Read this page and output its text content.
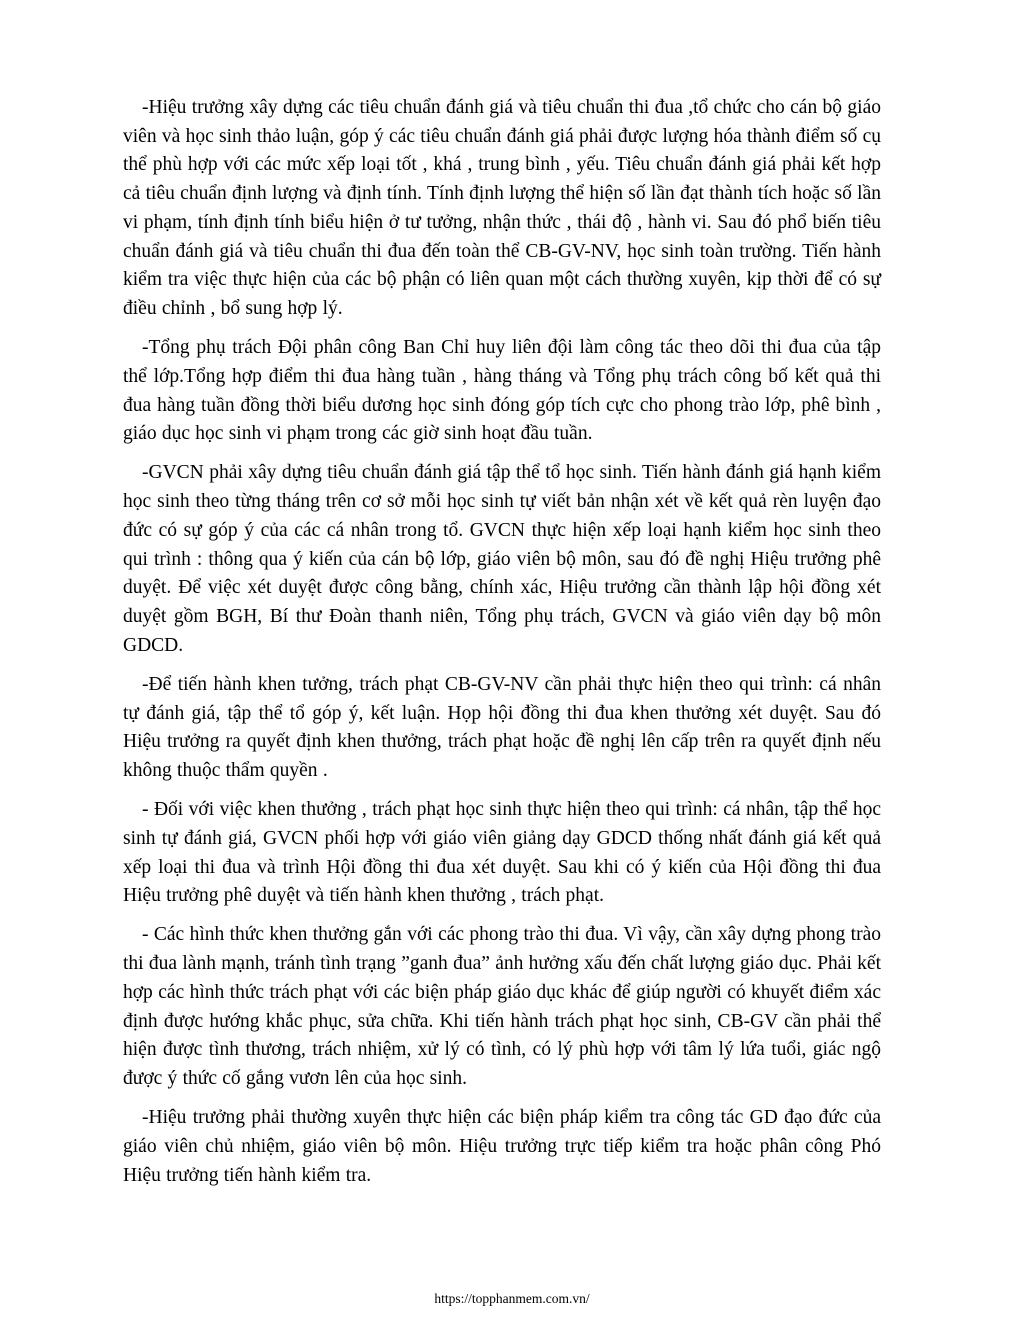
-Hiệu trưởng xây dựng các tiêu chuẩn đánh giá và tiêu chuẩn thi đua ,tổ chức cho cán bộ giáo viên và học sinh thảo luận, góp ý các tiêu chuẩn đánh giá phải được lượng hóa thành điểm số cụ thể phù hợp với các mức xếp loại tốt , khá , trung bình , yếu. Tiêu chuẩn đánh giá phải kết hợp cả tiêu chuẩn định lượng và định tính. Tính định lượng thể hiện số lần đạt thành tích hoặc số lần vi phạm, tính định tính biểu hiện ở tư tưởng, nhận thức , thái độ , hành vi. Sau đó phổ biến tiêu chuẩn đánh giá và tiêu chuẩn thi đua đến toàn thể CB-GV-NV, học sinh toàn trường. Tiến hành kiểm tra việc thực hiện của các bộ phận có liên quan một cách thường xuyên, kịp thời để có sự điều chỉnh , bổ sung hợp lý.

-Tổng phụ trách Đội phân công Ban Chỉ huy liên đội làm công tác theo dõi thi đua của tập thể lớp.Tổng hợp điểm thi đua hàng tuần , hàng tháng và Tổng phụ trách công bố kết quả thi đua hàng tuần đồng thời biểu dương học sinh đóng góp tích cực cho phong trào lớp, phê bình , giáo dục học sinh vi phạm trong các giờ sinh hoạt đầu tuần.

-GVCN phải xây dựng tiêu chuẩn đánh giá tập thể tổ học sinh. Tiến hành đánh giá hạnh kiểm học sinh theo từng tháng trên cơ sở mỗi học sinh tự viết bản nhận xét về kết quả rèn luyện đạo đức có sự góp ý của các cá nhân trong tổ. GVCN thực hiện xếp loại hạnh kiểm học sinh theo qui trình : thông qua ý kiến của cán bộ lớp, giáo viên bộ môn, sau đó đề nghị Hiệu trưởng phê duyệt. Để việc xét duyệt được công bằng, chính xác, Hiệu trưởng cần thành lập hội đồng xét duyệt gồm BGH, Bí thư Đoàn thanh niên, Tổng phụ trách, GVCN và giáo viên dạy bộ môn GDCD.

-Để tiến hành khen tưởng, trách phạt CB-GV-NV cần phải thực hiện theo qui trình: cá nhân tự đánh giá, tập thể tổ góp ý, kết luận. Họp hội đồng thi đua khen thưởng xét duyệt. Sau đó Hiệu trưởng ra quyết định khen thưởng, trách phạt hoặc đề nghị lên cấp trên ra quyết định nếu không thuộc thẩm quyền .

- Đối với việc khen thưởng , trách phạt học sinh thực hiện theo qui trình: cá nhân, tập thể học sinh tự đánh giá, GVCN phối hợp với giáo viên giảng dạy GDCD thống nhất đánh giá kết quả xếp loại thi đua và trình Hội đồng thi đua xét duyệt. Sau khi có ý kiến của Hội đồng thi đua Hiệu trưởng phê duyệt và tiến hành khen thưởng , trách phạt.

- Các hình thức khen thưởng gắn với các phong trào thi đua. Vì vậy, cần xây dựng phong trào thi đua lành mạnh, tránh tình trạng ”ganh đua” ảnh hưởng xấu đến chất lượng giáo dục. Phải kết hợp các hình thức trách phạt với các biện pháp giáo dục khác để giúp người có khuyết điểm xác định được hướng khắc phục, sửa chữa. Khi tiến hành trách phạt học sinh, CB-GV cần phải thể hiện được tình thương, trách nhiệm, xử lý có tình, có lý phù hợp với tâm lý lứa tuổi, giác ngộ được ý thức cố gắng vươn lên của học sinh.

-Hiệu trưởng phải thường xuyên thực hiện các biện pháp kiểm tra công tác GD đạo đức của giáo viên chủ nhiệm, giáo viên bộ môn. Hiệu trưởng trực tiếp kiểm tra hoặc phân công Phó Hiệu trưởng tiến hành kiểm tra.

https://topphanmem.com.vn/
